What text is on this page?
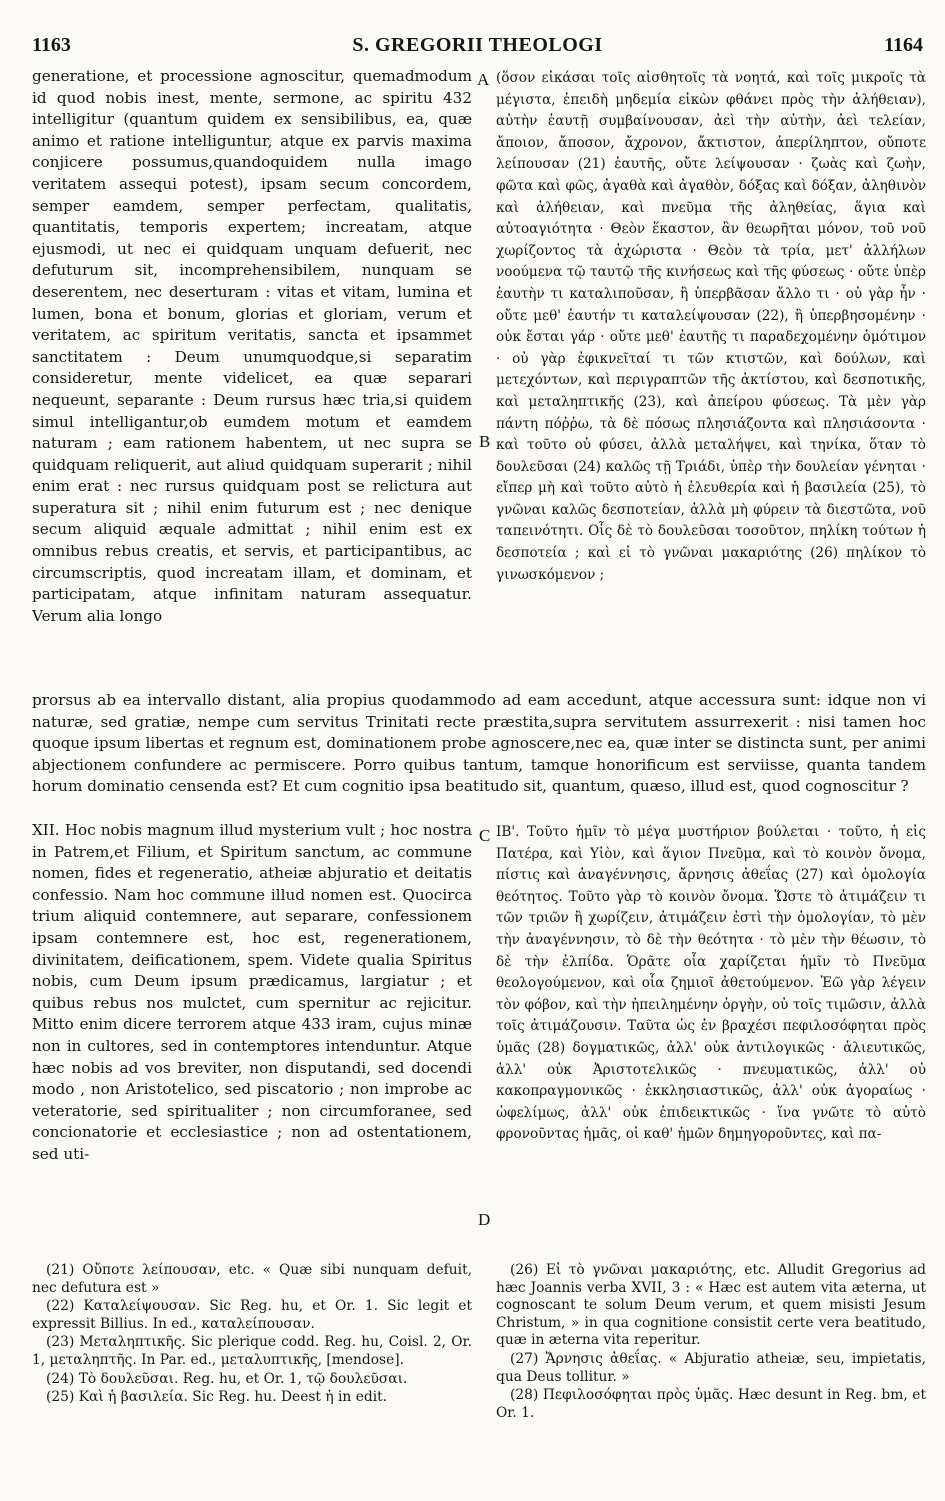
1163	S. GREGORII THEOLOGI	1164
generatione, et processione agnoscitur, quemadmodum id quod nobis inest, mente, sermone, ac spiritu 432 intelligitur (quantum quidem ex sensibilibus, ea, quæ animo et ratione intelliguntur, atque ex parvis maxima conjicere possumus,quandoquidem nulla imago veritatem assequi potest), ipsam secum concordem, semper eamdem, semper perfectam, qualitatis, quantitatis, temporis expertem; increatam, atque ejusmodi, ut nec ei quidquam unquam defuerit, nec defuturum sit, incomprehensibilem, nunquam se deserentem, nec deserturam : vitas et vitam, lumina et lumen, bona et bonum, glorias et gloriam, verum et veritatem, ac spiritum veritatis, sancta et ipsammet sanctitatem : Deum unumquodque,si separatim consideretur, mente videlicet, ea quæ separari nequeunt, separante : Deum rursus hæc tria,si quidem simul intelligantur,ob eumdem motum et eamdem naturam ; eam rationem habentem, ut nec supra se quidquam reliquerit, aut aliud quidquam superarit ; nihil enim erat : nec rursus quidquam post se relictura aut superatura sit ; nihil enim futurum est ; nec denique secum aliquid æquale admittat ; nihil enim est ex omnibus rebus creatis, et servis, et participantibus, ac circumscriptis, quod increatam illam, et dominam, et participatam, atque infinitam naturam assequatur. Verum alia longo
(ὅσον εἰκάσαι τοῖς αἰσθητοῖς τὰ νοητά, καὶ τοῖς μικροῖς τὰ μέγιστα, ἐπειδὴ μηδεμία εἰκὼν φθάνει πρὸς τὴν ἀλήθειαν), αὐτὴν ἑαυτῇ συμβαίνουσαν, ἀεὶ τὴν αὐτὴν, ἀεὶ τελείαν, ἄποιον, ἄποσον, ἄχρονον, ἄκτιστον, ἀπερίληπτον, οὔποτε λείπουσαν (21) ἑαυτῆς, οὔτε λείψουσαν · ζωὰς καὶ ζωὴν, φῶτα καὶ φῶς, ἀγαθὰ καὶ ἀγαθὸν, δόξας καὶ δόξαν, ἀληθινὸν καὶ ἀλήθειαν, καὶ πνεῦμα τῆς ἀληθείας, ἅγια καὶ αὐτοαγιότητα · Θεὸν ἕκαστον, ἂν θεωρῆται μόνον, τοῦ νοῦ χωρίζοντος τὰ ἀχώριστα · Θεὸν τὰ τρία, μετ' ἀλλήλων νοούμενα τῷ ταυτῷ τῆς κινήσεως καὶ τῆς φύσεως · οὔτε ὑπὲρ ἑαυτὴν τι καταλιποῦσαν, ἢ ὑπερβᾶσαν ἄλλο τι · οὐ γὰρ ἦν · οὔτε μεθ' ἑαυτήν τι καταλείψουσαν (22), ἢ ὑπερβησομένην · οὐκ ἔσται γάρ · οὔτε μεθ' ἑαυτῆς τι παραδεχομένην ὁμότιμον · οὐ γὰρ ἐφικνεῖταί τι τῶν κτιστῶν, καὶ δούλων, καὶ μετεχόντων, καὶ περιγραπτῶν τῆς ἀκτίστου, καὶ δεσποτικῆς, καὶ μεταληπτικῆς (23), καὶ ἀπείρου φύσεως. Τὰ μὲν γὰρ πάντη πόῤῥω, τὰ δὲ πόσως πλησιάζοντα καὶ πλησιάσοντα · καὶ τοῦτο οὐ φύσει, ἀλλὰ μεταλήψει, καὶ τηνίκα, ὅταν τὸ δουλεῦσαι (24) καλῶς τῇ Τριάδι, ὑπὲρ τὴν δουλείαν γένηται · εἴπερ μὴ καὶ τοῦτο αὐτὸ ἡ ἐλευθερία καὶ ἡ βασιλεία (25), τὸ γνῶναι καλῶς δεσποτείαν, ἀλλὰ μὴ φύρειν τὰ διεστῶτα, νοῦ ταπεινότητι. Οἷς δὲ τὸ δουλεῦσαι τοσοῦτον, πηλίκη τούτων ἡ δεσποτεία ; καὶ εἰ τὸ γνῶναι μακαριότης (26) πηλίκον τὸ γινωσκόμενον ;
A
B
C
D
prorsus ab ea intervallo distant, alia propius quodammodo ad eam accedunt, atque accessura sunt: idque non vi naturæ, sed gratiæ, nempe cum servitus Trinitati recte præstita,supra servitutem assurrexerit : nisi tamen hoc quoque ipsum libertas et regnum est, dominationem probe agnoscere,nec ea, quæ inter se distincta sunt, per animi abjectionem confundere ac permiscere. Porro quibus tantum, tamque honorificum est serviisse, quanta tandem horum dominatio censenda est? Et cum cognitio ipsa beatitudo sit, quantum, quæso, illud est, quod cognoscitur ?
XII. Hoc nobis magnum illud mysterium vult ; hoc nostra in Patrem,et Filium, et Spiritum sanctum, ac commune nomen, fides et regeneratio, atheiæ abjuratio et deitatis confessio. Nam hoc commune illud nomen est. Quocirca trium aliquid contemnere, aut separare, confessionem ipsam contemnere est, hoc est, regenerationem, divinitatem, deificationem, spem. Videte qualia Spiritus nobis, cum Deum ipsum prædicamus, largiatur ; et quibus rebus nos mulctet, cum spernitur ac rejicitur. Mitto enim dicere terrorem atque 433 iram, cujus minæ non in cultores, sed in contemptores intenduntur. Atque hæc nobis ad vos breviter, non disputandi, sed docendi modo , non Aristotelico, sed piscatorio ; non improbe ac veteratorie, sed spiritualiter ; non circumforanee, sed concionatorie et ecclesiastice ; non ad ostentationem, sed uti-
ΙΒ'. Τοῦτο ἡμῖν τὸ μέγα μυστήριον βούλεται · τοῦτο, ἡ εἰς Πατέρα, καὶ Υἱὸν, καὶ ἅγιον Πνεῦμα, καὶ τὸ κοινὸν ὄνομα, πίστις καὶ ἀναγέννησις, ἄρνησις ἀθεΐας (27) καὶ ὁμολογία θεότητος. Τοῦτο γὰρ τὸ κοινὸν ὄνομα. Ὥστε τὸ ἀτιμάζειν τι τῶν τριῶν ἢ χωρίζειν, ἀτιμάζειν ἐστὶ τὴν ὁμολογίαν, τὸ μὲν τὴν ἀναγέννησιν, τὸ δὲ τὴν θεότητα · τὸ μὲν τὴν θέωσιν, τὸ δὲ τὴν ἐλπίδα. Ὁρᾶτε οἷα χαρίζεται ἡμῖν τὸ Πνεῦμα θεολογούμενον, καὶ οἷα ζημιοῖ ἀθετούμενον. Ἐῶ γὰρ λέγειν τὸν φόβον, καὶ τὴν ἠπειλημένην ὀργὴν, οὐ τοῖς τιμῶσιν, ἀλλὰ τοῖς ἀτιμάζουσιν. Ταῦτα ὡς ἐν βραχέσι πεφιλοσόφηται πρὸς ὑμᾶς (28) δογματικῶς, ἀλλ' οὐκ ἀντιλογικῶς · ἁλιευτικῶς, ἀλλ' οὐκ Ἀριστοτελικῶς · πνευματικῶς, ἀλλ' οὐ κακοπραγμονικῶς · ἐκκλησιαστικῶς, ἀλλ' οὐκ ἀγοραίως · ὠφελίμως, ἀλλ' οὐκ ἐπιδεικτικῶς · ἵνα γνῶτε τὸ αὐτὸ φρονοῦντας ἡμᾶς, οἱ καθ' ἡμῶν δημηγοροῦντες, καὶ πα-

(21) Οὔποτε λείπουσαν, etc. « Quæ sibi nunquam defuit, nec defutura est »

(22) Καταλείψουσαν. Sic Reg. hu, et Or. 1. Sic legit et expressit Billius. In ed., καταλείπουσαν.

(23) Μεταληπτικῆς. Sic plerique codd. Reg. hu, Coisl. 2, Or. 1, μεταληπτῆς. In Par. ed., μεταλυπτικῆς, [mendose].

(24) Τὸ δουλεῦσαι. Reg. hu, et Or. 1, τῷ δουλεῦσαι.

(25) Καὶ ἡ βασιλεία. Sic Reg. hu. Deest ἡ in edit.

(26) Εἰ τὸ γνῶναι μακαριότης, etc. Alludit Gregorius ad hæc Joannis verba XVII, 3 : « Hæc est autem vita æterna, ut cognoscant te solum Deum verum, et quem misisti Jesum Christum, » in qua cognitione consistit certe vera beatitudo, quæ in æterna vita reperitur.

(27) Ἄρνησις ἀθεΐας. « Abjuratio atheiæ, seu, impietatis, qua Deus tollitur. »

(28) Πεφιλοσόφηται πρὸς ὑμᾶς. Hæc desunt in Reg. bm, et Or. 1.
